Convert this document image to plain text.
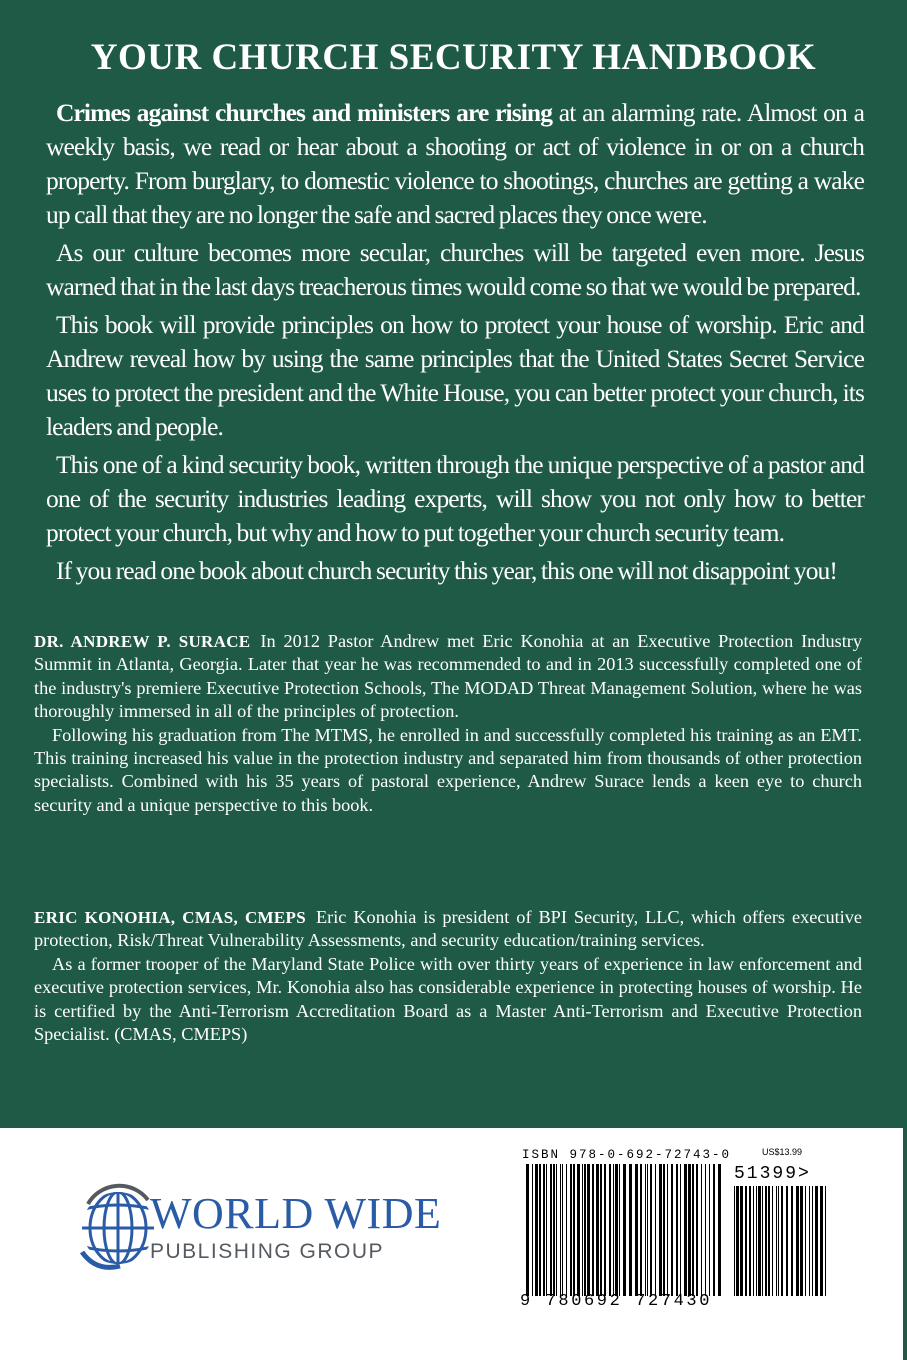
YOUR CHURCH SECURITY HANDBOOK

Crimes against churches and ministers are rising at an alarming rate. Almost on a weekly basis, we read or hear about a shooting or act of violence in or on a church property. From burglary, to domestic violence to shootings, churches are getting a wake up call that they are no longer the safe and sacred places they once were.

As our culture becomes more secular, churches will be targeted even more. Jesus warned that in the last days treacherous times would come so that we would be prepared.

This book will provide principles on how to protect your house of worship. Eric and Andrew reveal how by using the same principles that the United States Secret Service uses to protect the president and the White House, you can better protect your church, its leaders and people.

This one of a kind security book, written through the unique perspective of a pastor and one of the security industries leading experts, will show you not only how to better protect your church, but why and how to put together your church security team.

If you read one book about church security this year, this one will not disappoint you!

DR. ANDREW P. SURACE In 2012 Pastor Andrew met Eric Konohia at an Executive Protection Industry Summit in Atlanta, Georgia. Later that year he was recommended to and in 2013 successfully completed one of the industry's premiere Executive Protection Schools, The MODAD Threat Management Solution, where he was thoroughly immersed in all of the principles of protection.

Following his graduation from The MTMS, he enrolled in and successfully completed his training as an EMT. This training increased his value in the protection industry and separated him from thousands of other protection specialists. Combined with his 35 years of pastoral experience, Andrew Surace lends a keen eye to church security and a unique perspective to this book.

ERIC KONOHIA, CMAS, CMEPS Eric Konohia is president of BPI Security, LLC, which offers executive protection, Risk/Threat Vulnerability Assessments, and security education/training services.

As a former trooper of the Maryland State Police with over thirty years of experience in law enforcement and executive protection services, Mr. Konohia also has considerable experience in protecting houses of worship. He is certified by the Anti-Terrorism Accreditation Board as a Master Anti-Terrorism and Executive Protection Specialist. (CMAS, CMEPS)

WORLD WIDE
PUBLISHING GROUP
ISBN 978-0-692-72743-0	US$13.99
51399>
9 780692 727430
